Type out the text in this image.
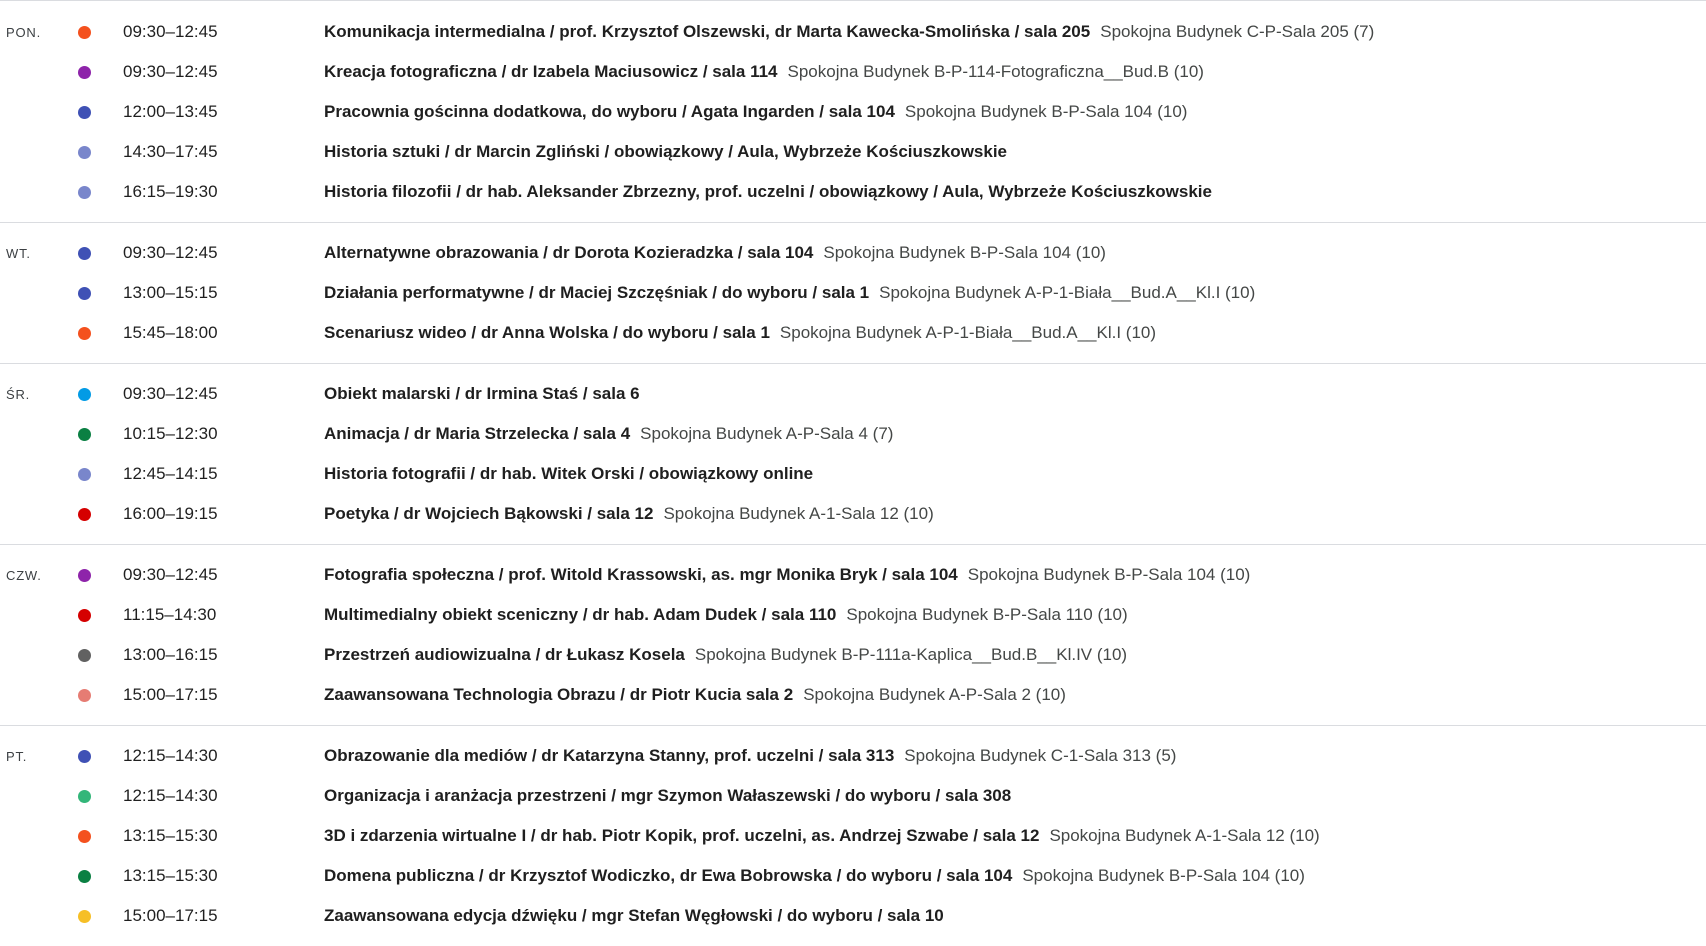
PON.	09:30–12:45	Komunikacja intermedialna / prof. Krzysztof Olszewski, dr Marta Kawecka-Smolińska / sala 205 Spokojna Budynek C-P-Sala 205 (7)
09:30–12:45	Kreacja fotograficzna / dr Izabela Maciusowicz / sala 114 Spokojna Budynek B-P-114-Fotograficzna__Bud.B (10)
12:00–13:45	Pracownia gościnna dodatkowa, do wyboru / Agata Ingarden / sala 104 Spokojna Budynek B-P-Sala 104 (10)
14:30–17:45	Historia sztuki / dr Marcin Zgliński / obowiązkowy / Aula, Wybrzeże Kościuszkowskie
16:15–19:30	Historia filozofii / dr hab. Aleksander Zbrzezny, prof. uczelni / obowiązkowy / Aula, Wybrzeże Kościuszkowskie
WT.	09:30–12:45	Alternatywne obrazowania / dr Dorota Kozieradzka / sala 104 Spokojna Budynek B-P-Sala 104 (10)
13:00–15:15	Działania performatywne / dr Maciej Szczęśniak / do wyboru / sala 1 Spokojna Budynek A-P-1-Biała__Bud.A__Kl.I (10)
15:45–18:00	Scenariusz wideo / dr Anna Wolska / do wyboru / sala 1 Spokojna Budynek A-P-1-Biała__Bud.A__Kl.I (10)
ŚR.	09:30–12:45	Obiekt malarski / dr Irmina Staś / sala 6
10:15–12:30	Animacja / dr Maria Strzelecka / sala 4 Spokojna Budynek A-P-Sala 4 (7)
12:45–14:15	Historia fotografii / dr hab. Witek Orski / obowiązkowy online
16:00–19:15	Poetyka / dr Wojciech Bąkowski / sala 12 Spokojna Budynek A-1-Sala 12 (10)
CZW.	09:30–12:45	Fotografia społeczna / prof. Witold Krassowski, as. mgr Monika Bryk / sala 104 Spokojna Budynek B-P-Sala 104 (10)
11:15–14:30	Multimedialny obiekt sceniczny / dr hab. Adam Dudek / sala 110 Spokojna Budynek B-P-Sala 110 (10)
13:00–16:15	Przestrzeń audiowizualna / dr Łukasz Kosela Spokojna Budynek B-P-111a-Kaplica__Bud.B__Kl.IV (10)
15:00–17:15	Zaawansowana Technologia Obrazu / dr Piotr Kucia sala 2 Spokojna Budynek A-P-Sala 2 (10)
PT.	12:15–14:30	Obrazowanie dla mediów / dr Katarzyna Stanny, prof. uczelni / sala 313 Spokojna Budynek C-1-Sala 313 (5)
12:15–14:30	Organizacja i aranżacja przestrzeni / mgr Szymon Wałaszewski / do wyboru / sala 308
13:15–15:30	3D i zdarzenia wirtualne I / dr hab. Piotr Kopik, prof. uczelni, as. Andrzej Szwabe / sala 12 Spokojna Budynek A-1-Sala 12 (10)
13:15–15:30	Domena publiczna / dr Krzysztof Wodiczko, dr Ewa Bobrowska / do wyboru / sala 104 Spokojna Budynek B-P-Sala 104 (10)
15:00–17:15	Zaawansowana edycja dźwięku / mgr Stefan Węgłowski / do wyboru / sala 10
